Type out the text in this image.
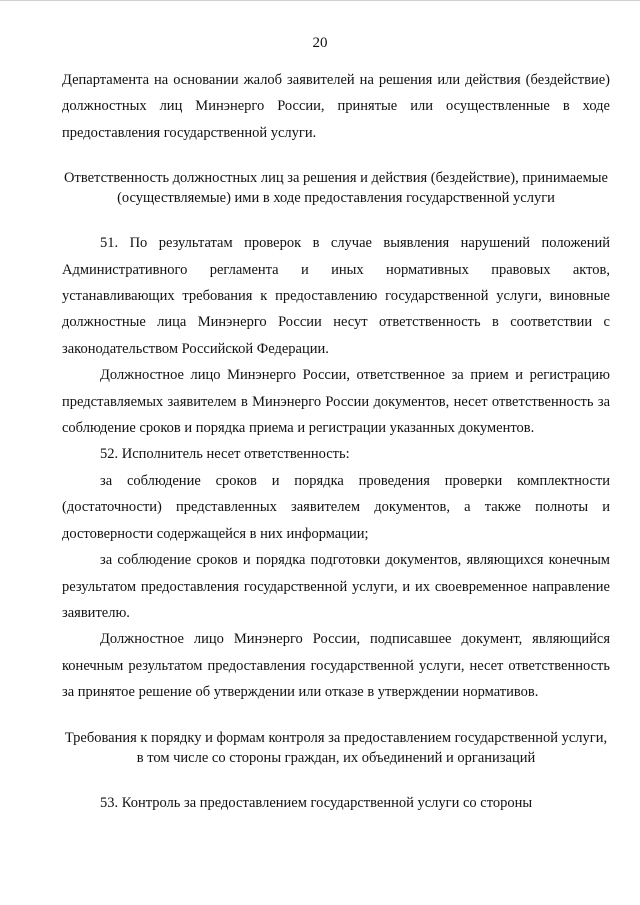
20

Департамента на основании жалоб заявителей на решения или действия (бездействие) должностных лиц Минэнерго России, принятые или осуществленные в ходе предоставления государственной услуги.

Ответственность должностных лиц за решения и действия (бездействие), принимаемые (осуществляемые) ими в ходе предоставления государственной услуги

51. По результатам проверок в случае выявления нарушений положений Административного регламента и иных нормативных правовых актов, устанавливающих требования к предоставлению государственной услуги, виновные должностные лица Минэнерго России несут ответственность в соответствии с законодательством Российской Федерации.

Должностное лицо Минэнерго России, ответственное за прием и регистрацию представляемых заявителем в Минэнерго России документов, несет ответственность за соблюдение сроков и порядка приема и регистрации указанных документов.

52. Исполнитель несет ответственность:

за соблюдение сроков и порядка проведения проверки комплектности (достаточности) представленных заявителем документов, а также полноты и достоверности содержащейся в них информации;

за соблюдение сроков и порядка подготовки документов, являющихся конечным результатом предоставления государственной услуги, и их своевременное направление заявителю.

Должностное лицо Минэнерго России, подписавшее документ, являющийся конечным результатом предоставления государственной услуги, несет ответственность за принятое решение об утверждении или отказе в утверждении нормативов.

Требования к порядку и формам контроля за предоставлением государственной услуги, в том числе со стороны граждан, их объединений и организаций

53. Контроль за предоставлением государственной услуги со стороны
